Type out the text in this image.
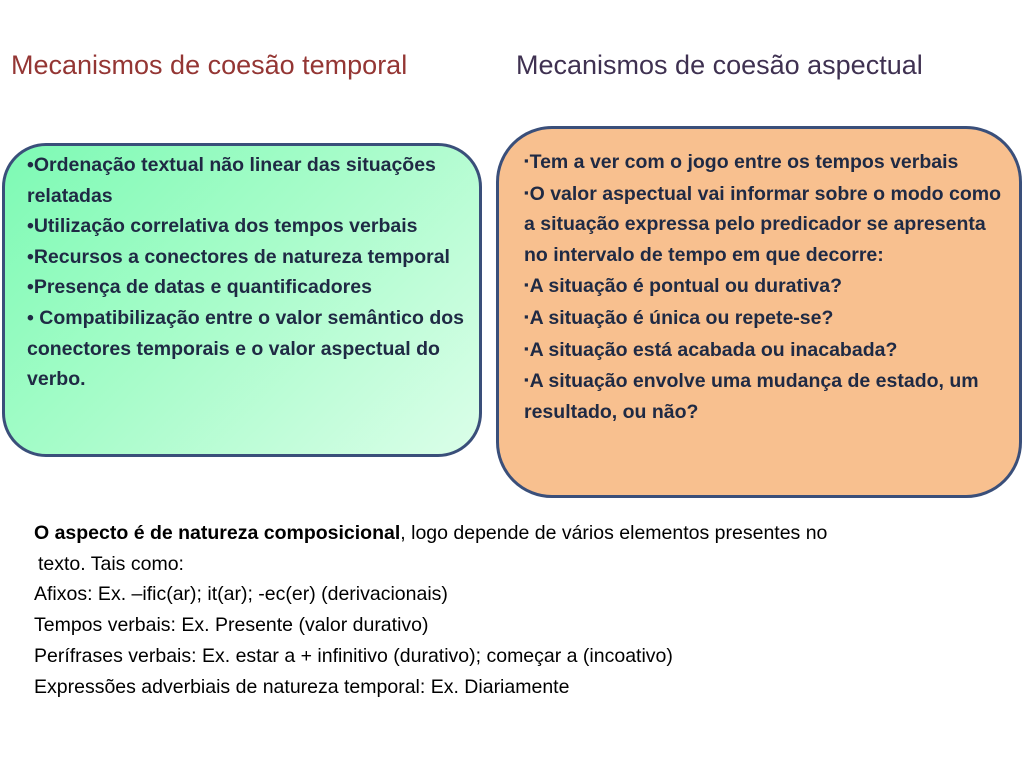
Mecanismos de coesão temporal	Mecanismos de coesão aspectual
• Ordenação textual não linear das situações relatadas
• Utilização correlativa dos tempos verbais
• Recursos a conectores de natureza temporal
• Presença de datas e quantificadores
• Compatibilização entre o valor semântico dos conectores temporais e o valor aspectual do verbo.
▪ Tem a ver com o jogo entre os tempos verbais
▪ O valor aspectual vai informar sobre o modo como a situação expressa pelo predicador se apresenta no intervalo de tempo em que decorre:
▪ A situação é pontual ou durativa?
▪ A situação é única ou repete-se?
▪ A situação está acabada ou inacabada?
▪ A situação envolve uma mudança de estado, um resultado, ou não?

O aspecto é de natureza composicional, logo depende de vários elementos presentes no

texto. Tais como:

Afixos: Ex. –ific(ar); it(ar); -ec(er) (derivacionais)

Tempos verbais: Ex. Presente (valor durativo)

Perífrases verbais: Ex. estar a + infinitivo (durativo); começar a (incoativo)

Expressões adverbiais de natureza temporal: Ex. Diariamente
